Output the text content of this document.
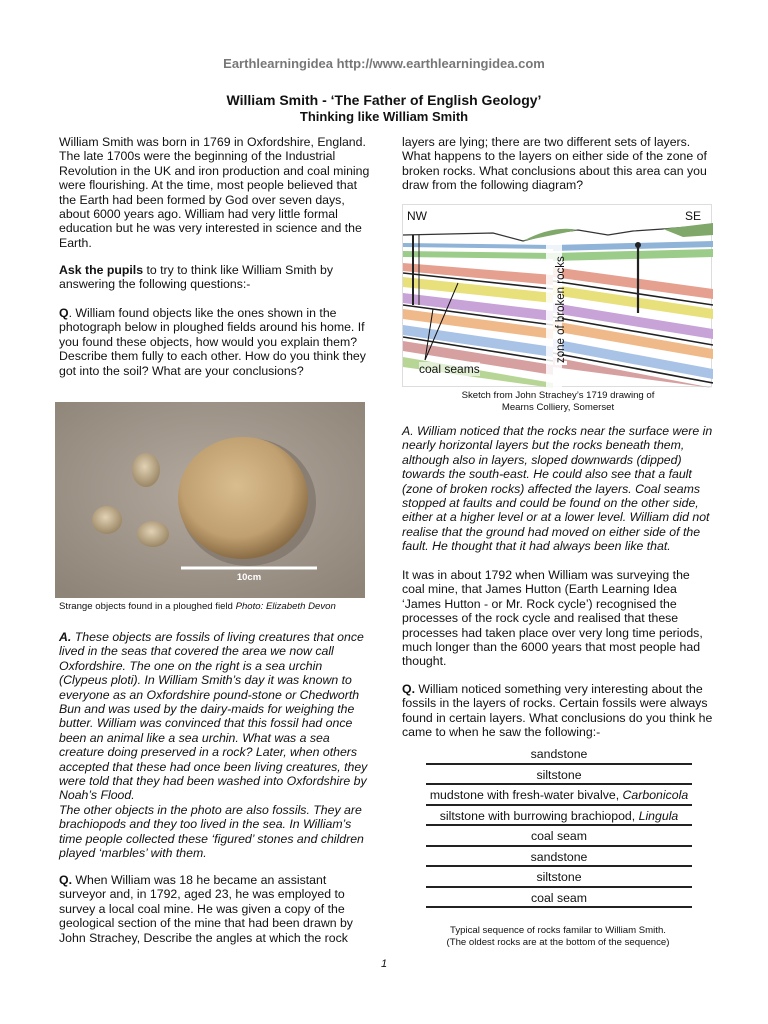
Earthlearningidea http://www.earthlearningidea.com
William Smith - ‘The Father of English Geology’
Thinking like William Smith

William Smith was born in 1769 in Oxfordshire, England. The late 1700s were the beginning of the Industrial Revolution in the UK and iron production and coal mining were flourishing. At the time, most people believed that the Earth had been formed by God over seven days, about 6000 years ago. William had very little formal education but he was very interested in science and the Earth.

Ask the pupils to try to think like William Smith by answering the following questions:-

Q. William found objects like the ones shown in the photograph below in ploughed fields around his home. If you found these objects, how would you explain them? Describe them fully to each other. How do you think they got into the soil? What are your conclusions?

10cm
Strange objects found in a ploughed field Photo: Elizabeth Devon

A. These objects are fossils of living creatures that once lived in the seas that covered the area we now call Oxfordshire. The one on the right is a sea urchin (Clypeus ploti). In William Smith’s day it was known to everyone as an Oxfordshire pound-stone or Chedworth Bun and was used by the dairy-maids for weighing the butter. William was convinced that this fossil had once been an animal like a sea urchin. What was a sea creature doing preserved in a rock? Later, when others accepted that these had once been living creatures, they were told that they had been washed into Oxfordshire by Noah’s Flood.
The other objects in the photo are also fossils. They are brachiopods and they too lived in the sea. In William’s time people collected these ‘figured’ stones and children played ‘marbles’ with them.

Q. When William was 18 he became an assistant surveyor and, in 1792, aged 23, he was employed to survey a local coal mine. He was given a copy of the geological section of the mine that had been drawn by John Strachey, Describe the angles at which the rock

layers are lying; there are two different sets of layers. What happens to the layers on either side of the zone of broken rocks. What conclusions about this area can you draw from the following diagram?

NW	SE
coal seams
Sketch from John Strachey’s 1719 drawing of
Mearns Colliery, Somerset

A. William noticed that the rocks near the surface were in nearly horizontal layers but the rocks beneath them, although also in layers, sloped downwards (dipped) towards the south-east. He could also see that a fault (zone of broken rocks) affected the layers. Coal seams stopped at faults and could be found on the other side, either at a higher level or at a lower level. William did not realise that the ground had moved on either side of the fault. He thought that it had always been like that.

It was in about 1792 when William was surveying the coal mine, that James Hutton (Earth Learning Idea ‘James Hutton - or Mr. Rock cycle’) recognised the processes of the rock cycle and realised that these processes had taken place over very long time periods, much longer than the 6000 years that most people had thought.

Q. William noticed something very interesting about the fossils in the layers of rocks. Certain fossils were always found in certain layers. What conclusions do you think he came to when he saw the following:-

sandstone
siltstone
mudstone with fresh-water bivalve, Carbonicola
siltstone with burrowing brachiopod, Lingula
coal seam
sandstone
siltstone
coal seam
Typical sequence of rocks familar to William Smith.
(The oldest rocks are at the bottom of the sequence)
1
